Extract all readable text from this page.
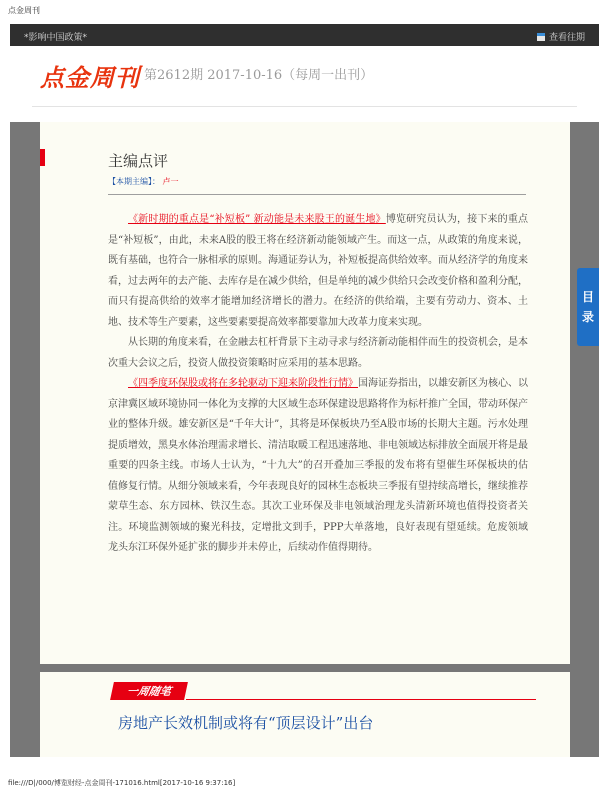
点金周刊
*影响中国政策*	查看往期
点金周刊 第2612期 2017-10-16（每周一出刊）
主编点评
【本期主编】： 卢一

《新时期的重点是“补短板” 新动能是未来股王的诞生地》博览研究员认为，接下来的重点是“补短板”，由此，未来A股的股王将在经济新动能领域产生。而这一点，从政策的角度来说，既有基础，也符合一脉相承的原则。海通证券认为，补短板提高供给效率。而从经济学的角度来看，过去两年的去产能、去库存是在减少供给，但是单纯的减少供给只会改变价格和盈利分配，而只有提高供给的效率才能增加经济增长的潜力。在经济的供给端，主要有劳动力、资本、土地、技术等生产要素，这些要素要提高效率都要靠加大改革力度来实现。

从长期的角度来看，在金融去杠杆背景下主动寻求与经济新动能相伴而生的投资机会，是本次重大会议之后，投资人做投资策略时应采用的基本思路。

《四季度环保股或将在多轮驱动下迎来阶段性行情》国海证券指出，以雄安新区为核心、以京津冀区域环境协同一体化为支撑的大区域生态环保建设思路将作为标杆推广全国，带动环保产业的整体升级。雄安新区是“千年大计”，其将是环保板块乃至A股市场的长期大主题。污水处理提质增效，黑臭水体治理需求增长、清洁取暖工程迅速落地、非电领域达标排放全面展开将是最重要的四条主线。市场人士认为，“十九大”的召开叠加三季报的发布将有望催生环保板块的估值修复行情。从细分领域来看，今年表现良好的园林生态板块三季报有望持续高增长，继续推荐蒙草生态、东方园林、铁汉生态。其次工业环保及非电领域治理龙头清新环境也值得投资者关注。环境监测领域的聚光科技，定增批文到手，PPP大单落地，良好表现有望延续。危废领域龙头东江环保外延扩张的脚步并未停止，后续动作值得期待。

目
录
一周随笔
房地产长效机制或将有“顶层设计”出台
file:///D|/000/博览财经-点金周刊-171016.html[2017-10-16 9:37:16]
